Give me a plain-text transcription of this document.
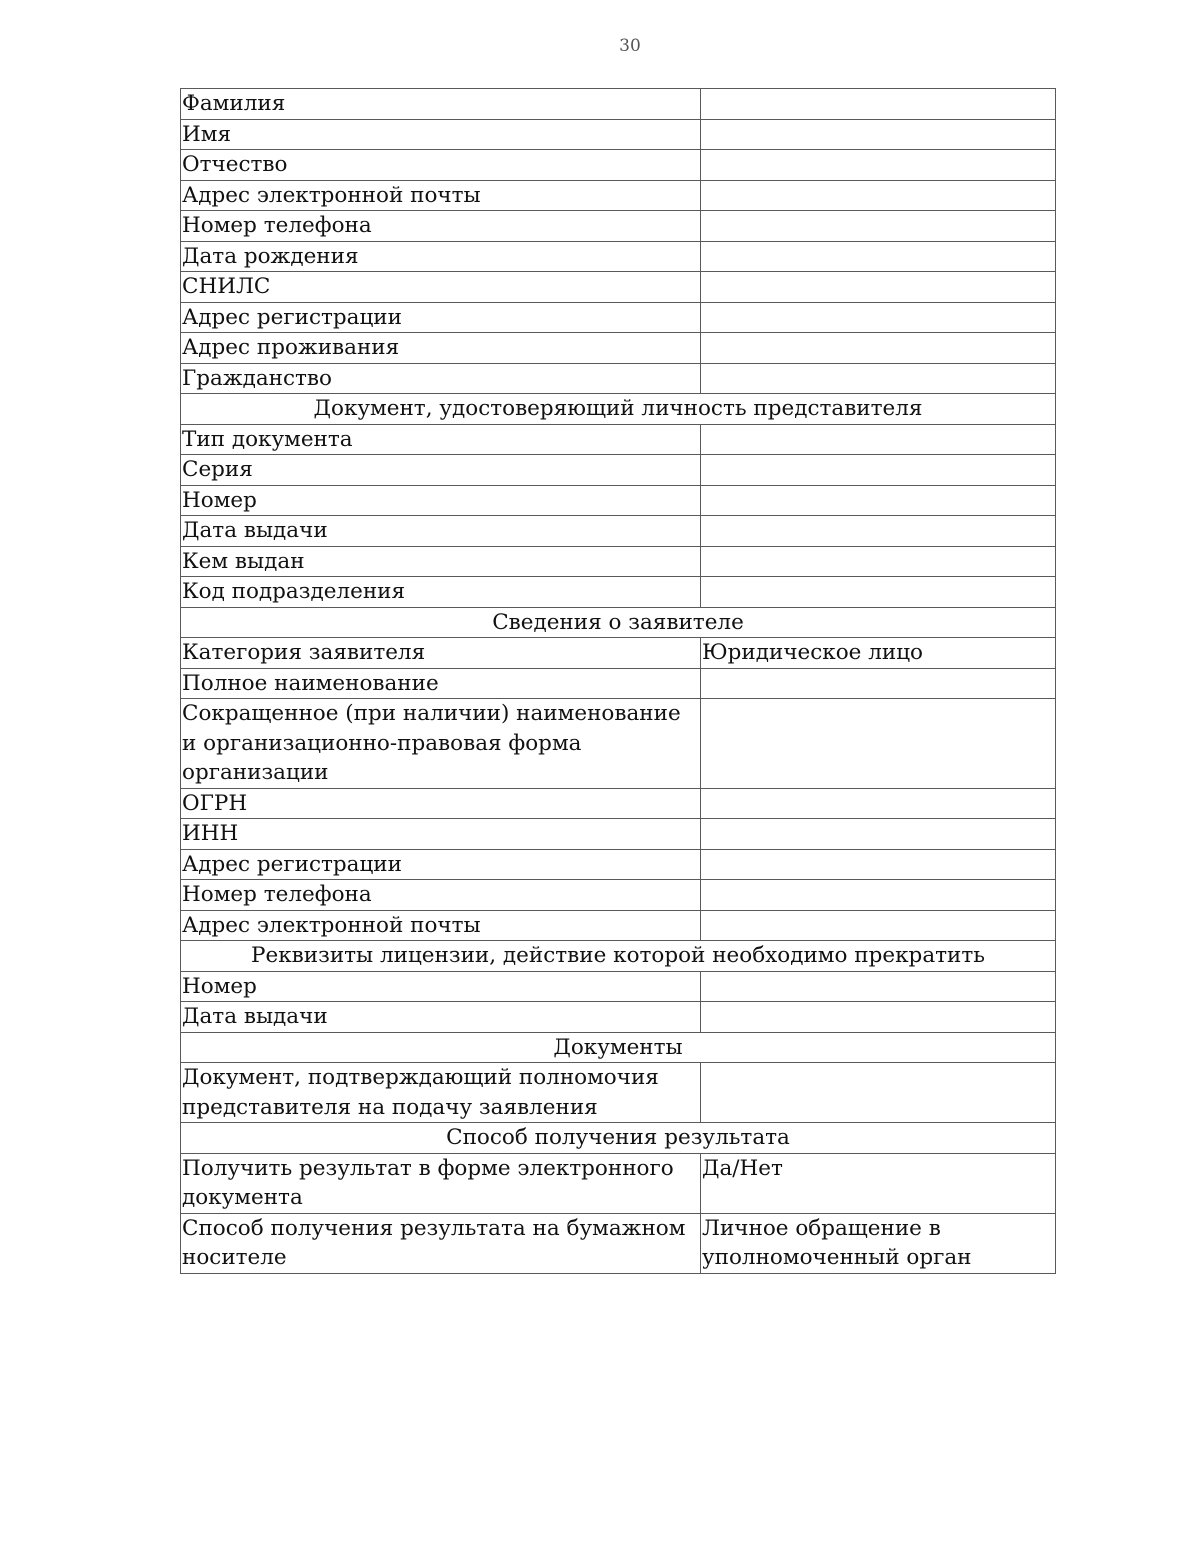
30
Фамилия	
Имя	
Отчество	
Адрес электронной почты	
Номер телефона	
Дата рождения	
СНИЛС	
Адрес регистрации	
Адрес проживания	
Гражданство	
Документ, удостоверяющий личность представителя	
Тип документа	
Серия	
Номер	
Дата выдачи	
Кем выдан	
Код подразделения	
Сведения о заявителе	
Категория заявителя	Юридическое лицо
Полное наименование	
Сокращенное (при наличии) наименование
и организационно-правовая форма
организации	
ОГРН	
ИНН	
Адрес регистрации	
Номер телефона	
Адрес электронной почты	
Реквизиты лицензии, действие которой необходимо прекратить	
Номер	
Дата выдачи	
Документы	
Документ, подтверждающий полномочия
представителя на подачу заявления	
Способ получения результата	
Получить результат в форме электронного
документа	Да/Нет
Способ получения результата на бумажном
носителе	Личное обращение в
уполномоченный орган
